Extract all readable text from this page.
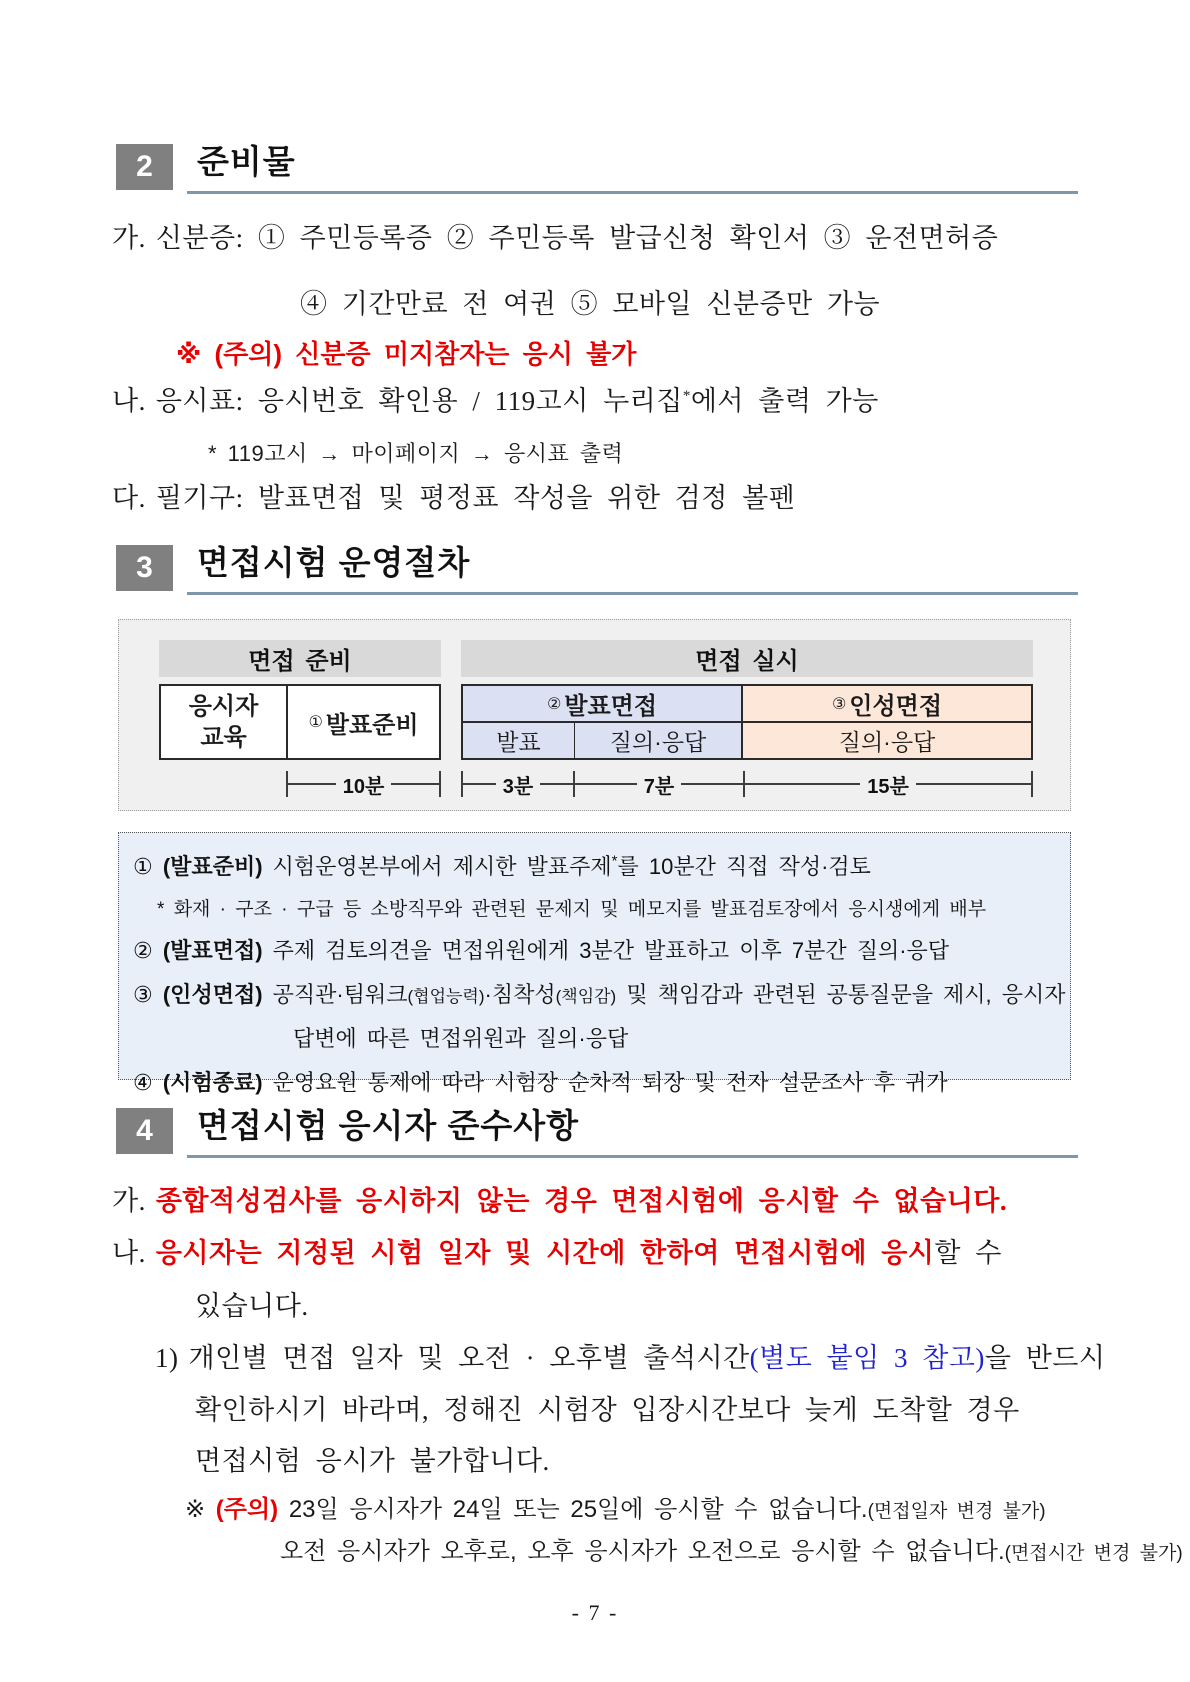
2	준비물
가. 신분증: ① 주민등록증 ② 주민등록 발급신청 확인서 ③ 운전면허증
④ 기간만료 전 여권 ⑤ 모바일 신분증만 가능
※ (주의) 신분증 미지참자는 응시 불가
나. 응시표: 응시번호 확인용 / 119고시 누리집*에서 출력 가능
* 119고시 → 마이페이지 → 응시표 출력
다. 필기구: 발표면접 및 평정표 작성을 위한 검정 볼펜
3	면접시험 운영절차
면접 준비	면접 실시
응시자
교육
① 발표준비
② 발표면접
발표	질의·응답
③ 인성면접
질의·응답
10분	3분	7분	15분
① (발표준비) 시험운영본부에서 제시한 발표주제*를 10분간 직접 작성·검토
* 화재 · 구조 · 구급 등 소방직무와 관련된 문제지 및 메모지를 발표검토장에서 응시생에게 배부
② (발표면접) 주제 검토의견을 면접위원에게 3분간 발표하고 이후 7분간 질의·응답
③ (인성면접) 공직관·팀워크(협업능력)·침착성(책임감) 및 책임감과 관련된 공통질문을 제시, 응시자
답변에 따른 면접위원과 질의·응답
④ (시험종료) 운영요원 통제에 따라 시험장 순차적 퇴장 및 전자 설문조사 후 귀가
4	면접시험 응시자 준수사항
가. 종합적성검사를 응시하지 않는 경우 면접시험에 응시할 수 없습니다.
나. 응시자는 지정된 시험 일자 및 시간에 한하여 면접시험에 응시할 수
있습니다.
1) 개인별 면접 일자 및 오전 · 오후별 출석시간(별도 붙임 3 참고)을 반드시
확인하시기 바라며, 정해진 시험장 입장시간보다 늦게 도착할 경우
면접시험 응시가 불가합니다.
※ (주의) 23일 응시자가 24일 또는 25일에 응시할 수 없습니다.(면접일자 변경 불가)
오전 응시자가 오후로, 오후 응시자가 오전으로 응시할 수 없습니다.(면접시간 변경 불가)
- 7 -
